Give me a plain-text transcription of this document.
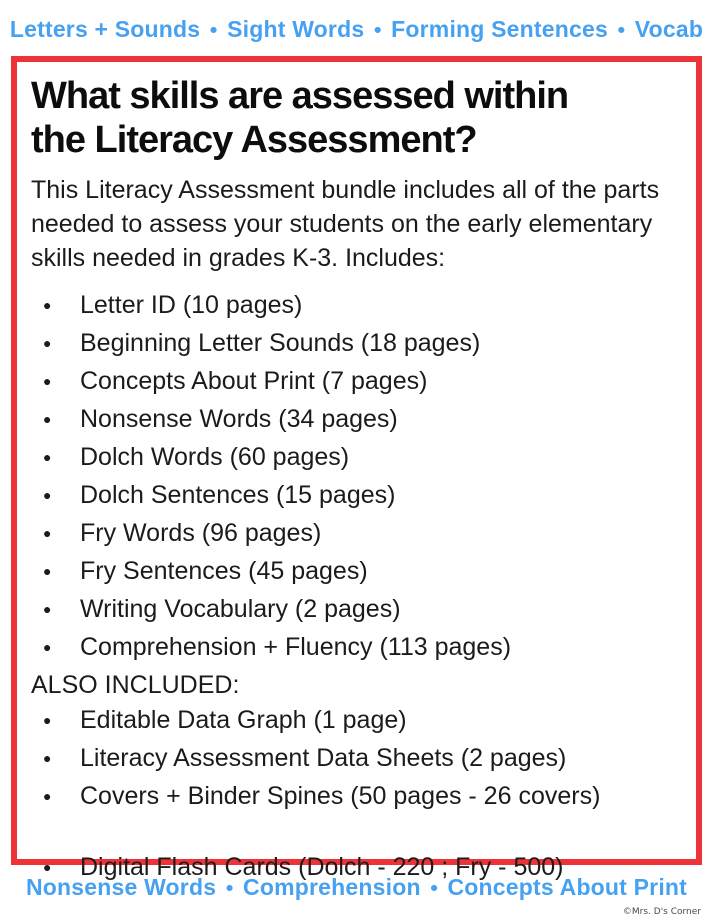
Letters + Sounds ● Sight Words ● Forming Sentences ● Vocab
What skills are assessed within
the Literacy Assessment?

This Literacy Assessment bundle includes all of the parts needed to assess your students on the early elementary skills needed in grades K-3. Includes:

●	Letter ID (10 pages)
●	Beginning Letter Sounds (18 pages)
●	Concepts About Print (7 pages)
●	Nonsense Words (34 pages)
●	Dolch Words (60 pages)
●	Dolch Sentences (15 pages)
●	Fry Words (96 pages)
●	Fry Sentences (45 pages)
●	Writing Vocabulary (2 pages)
●	Comprehension + Fluency (113 pages)
ALSO INCLUDED:
●	Editable Data Graph (1 page)
●	Literacy Assessment Data Sheets (2 pages)
●	Covers + Binder Spines (50 pages - 26 covers)
●	Digital Flash Cards (Dolch - 220 ; Fry - 500)
Nonsense Words ● Comprehension ● Concepts About Print
©Mrs. D's Corner
